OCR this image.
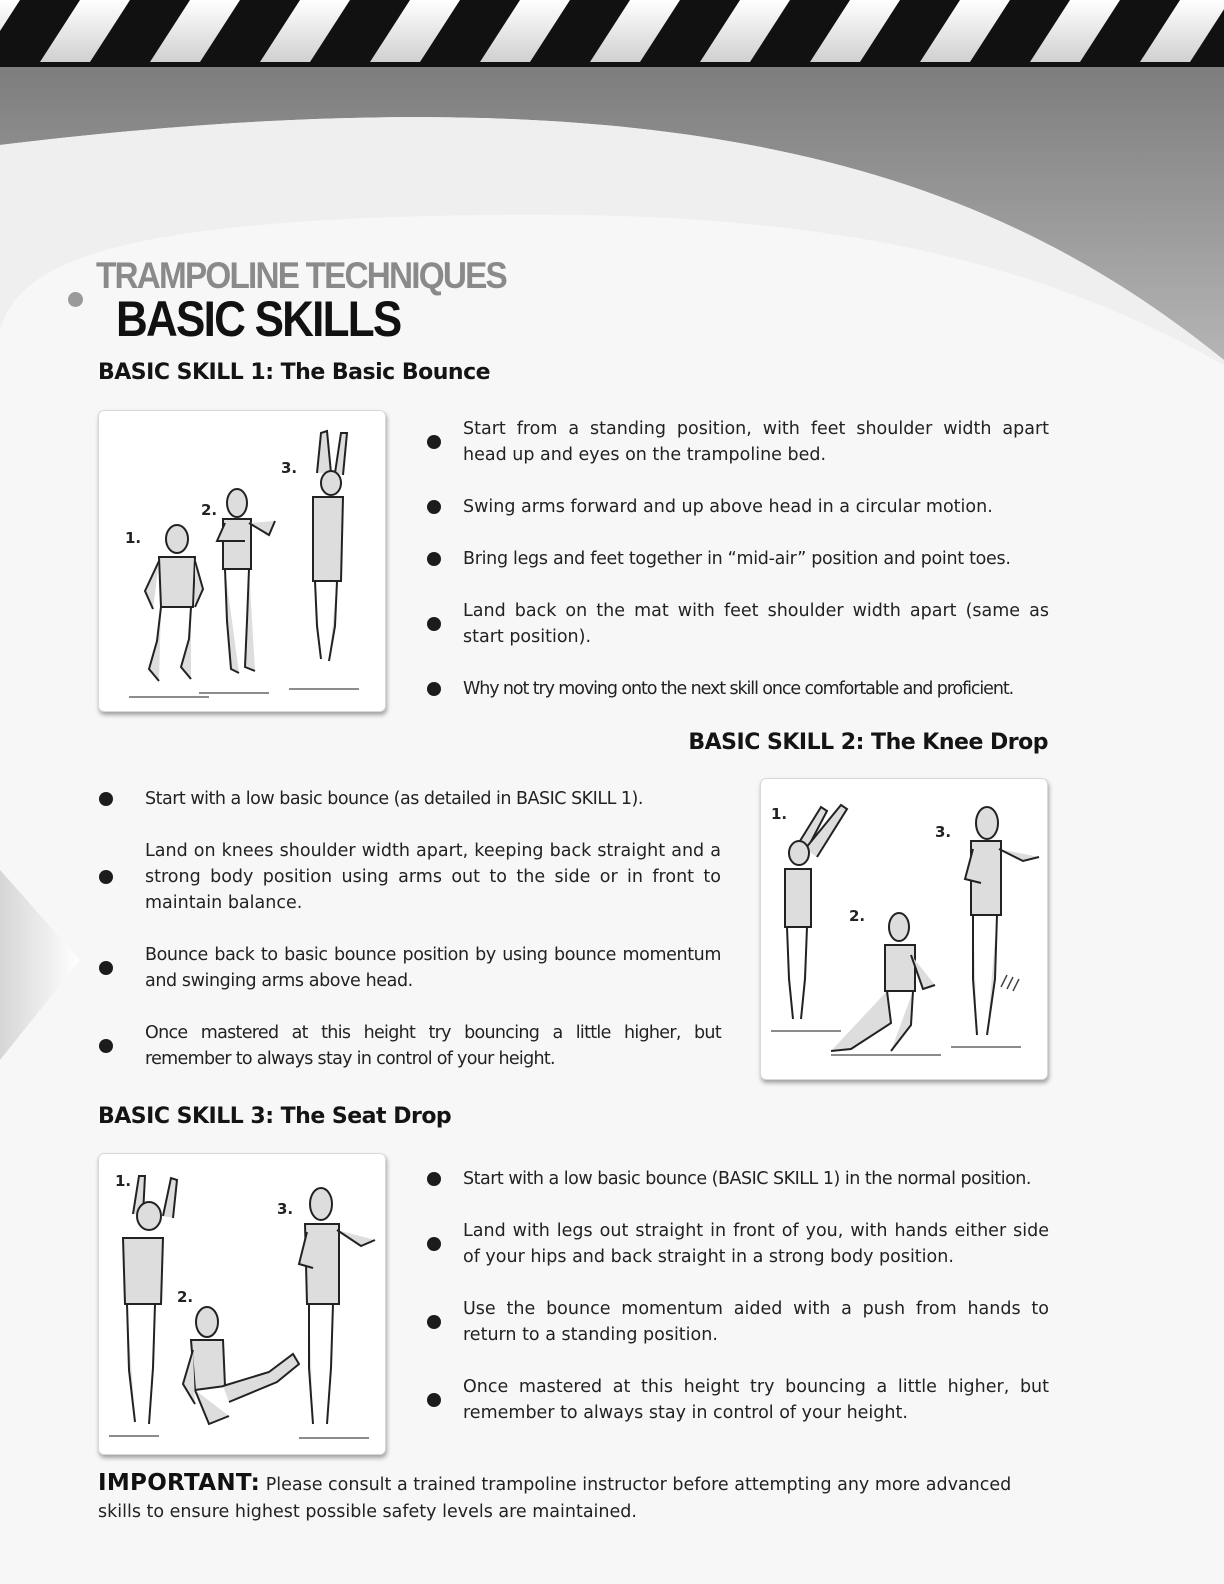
TRAMPOLINE TECHNIQUES
BASIC SKILLS
BASIC SKILL 1: The Basic Bounce
1.
2.
3.
Start from a standing position, with feet shoulder width apart head up and eyes on the trampoline bed.
Swing arms forward and up above head in a circular motion.
Bring legs and feet together in “mid-air” position and point toes.
Land back on the mat with feet shoulder width apart (same as start position).
Why not try moving onto the next skill once comfortable and proficient.
BASIC SKILL 2: The Knee Drop
Start with a low basic bounce (as detailed in BASIC SKILL 1).
Land on knees shoulder width apart, keeping back straight and a strong body position using arms out to the side or in front to maintain balance.
Bounce back to basic bounce position by using bounce momentum and swinging arms above head.
Once mastered at this height try bouncing a little higher, but remember to always stay in control of your height.
1.
2.
3.
BASIC SKILL 3: The Seat Drop
1.
2.
3.
Start with a low basic bounce (BASIC SKILL 1) in the normal position.
Land with legs out straight in front of you, with hands either side of your hips and back straight in a strong body position.
Use the bounce momentum aided with a push from hands to return to a standing position.
Once mastered at this height try bouncing a little higher, but remember to always stay in control of your height.

IMPORTANT: Please consult a trained trampoline instructor before attempting any more advanced skills to ensure highest possible safety levels are maintained.
